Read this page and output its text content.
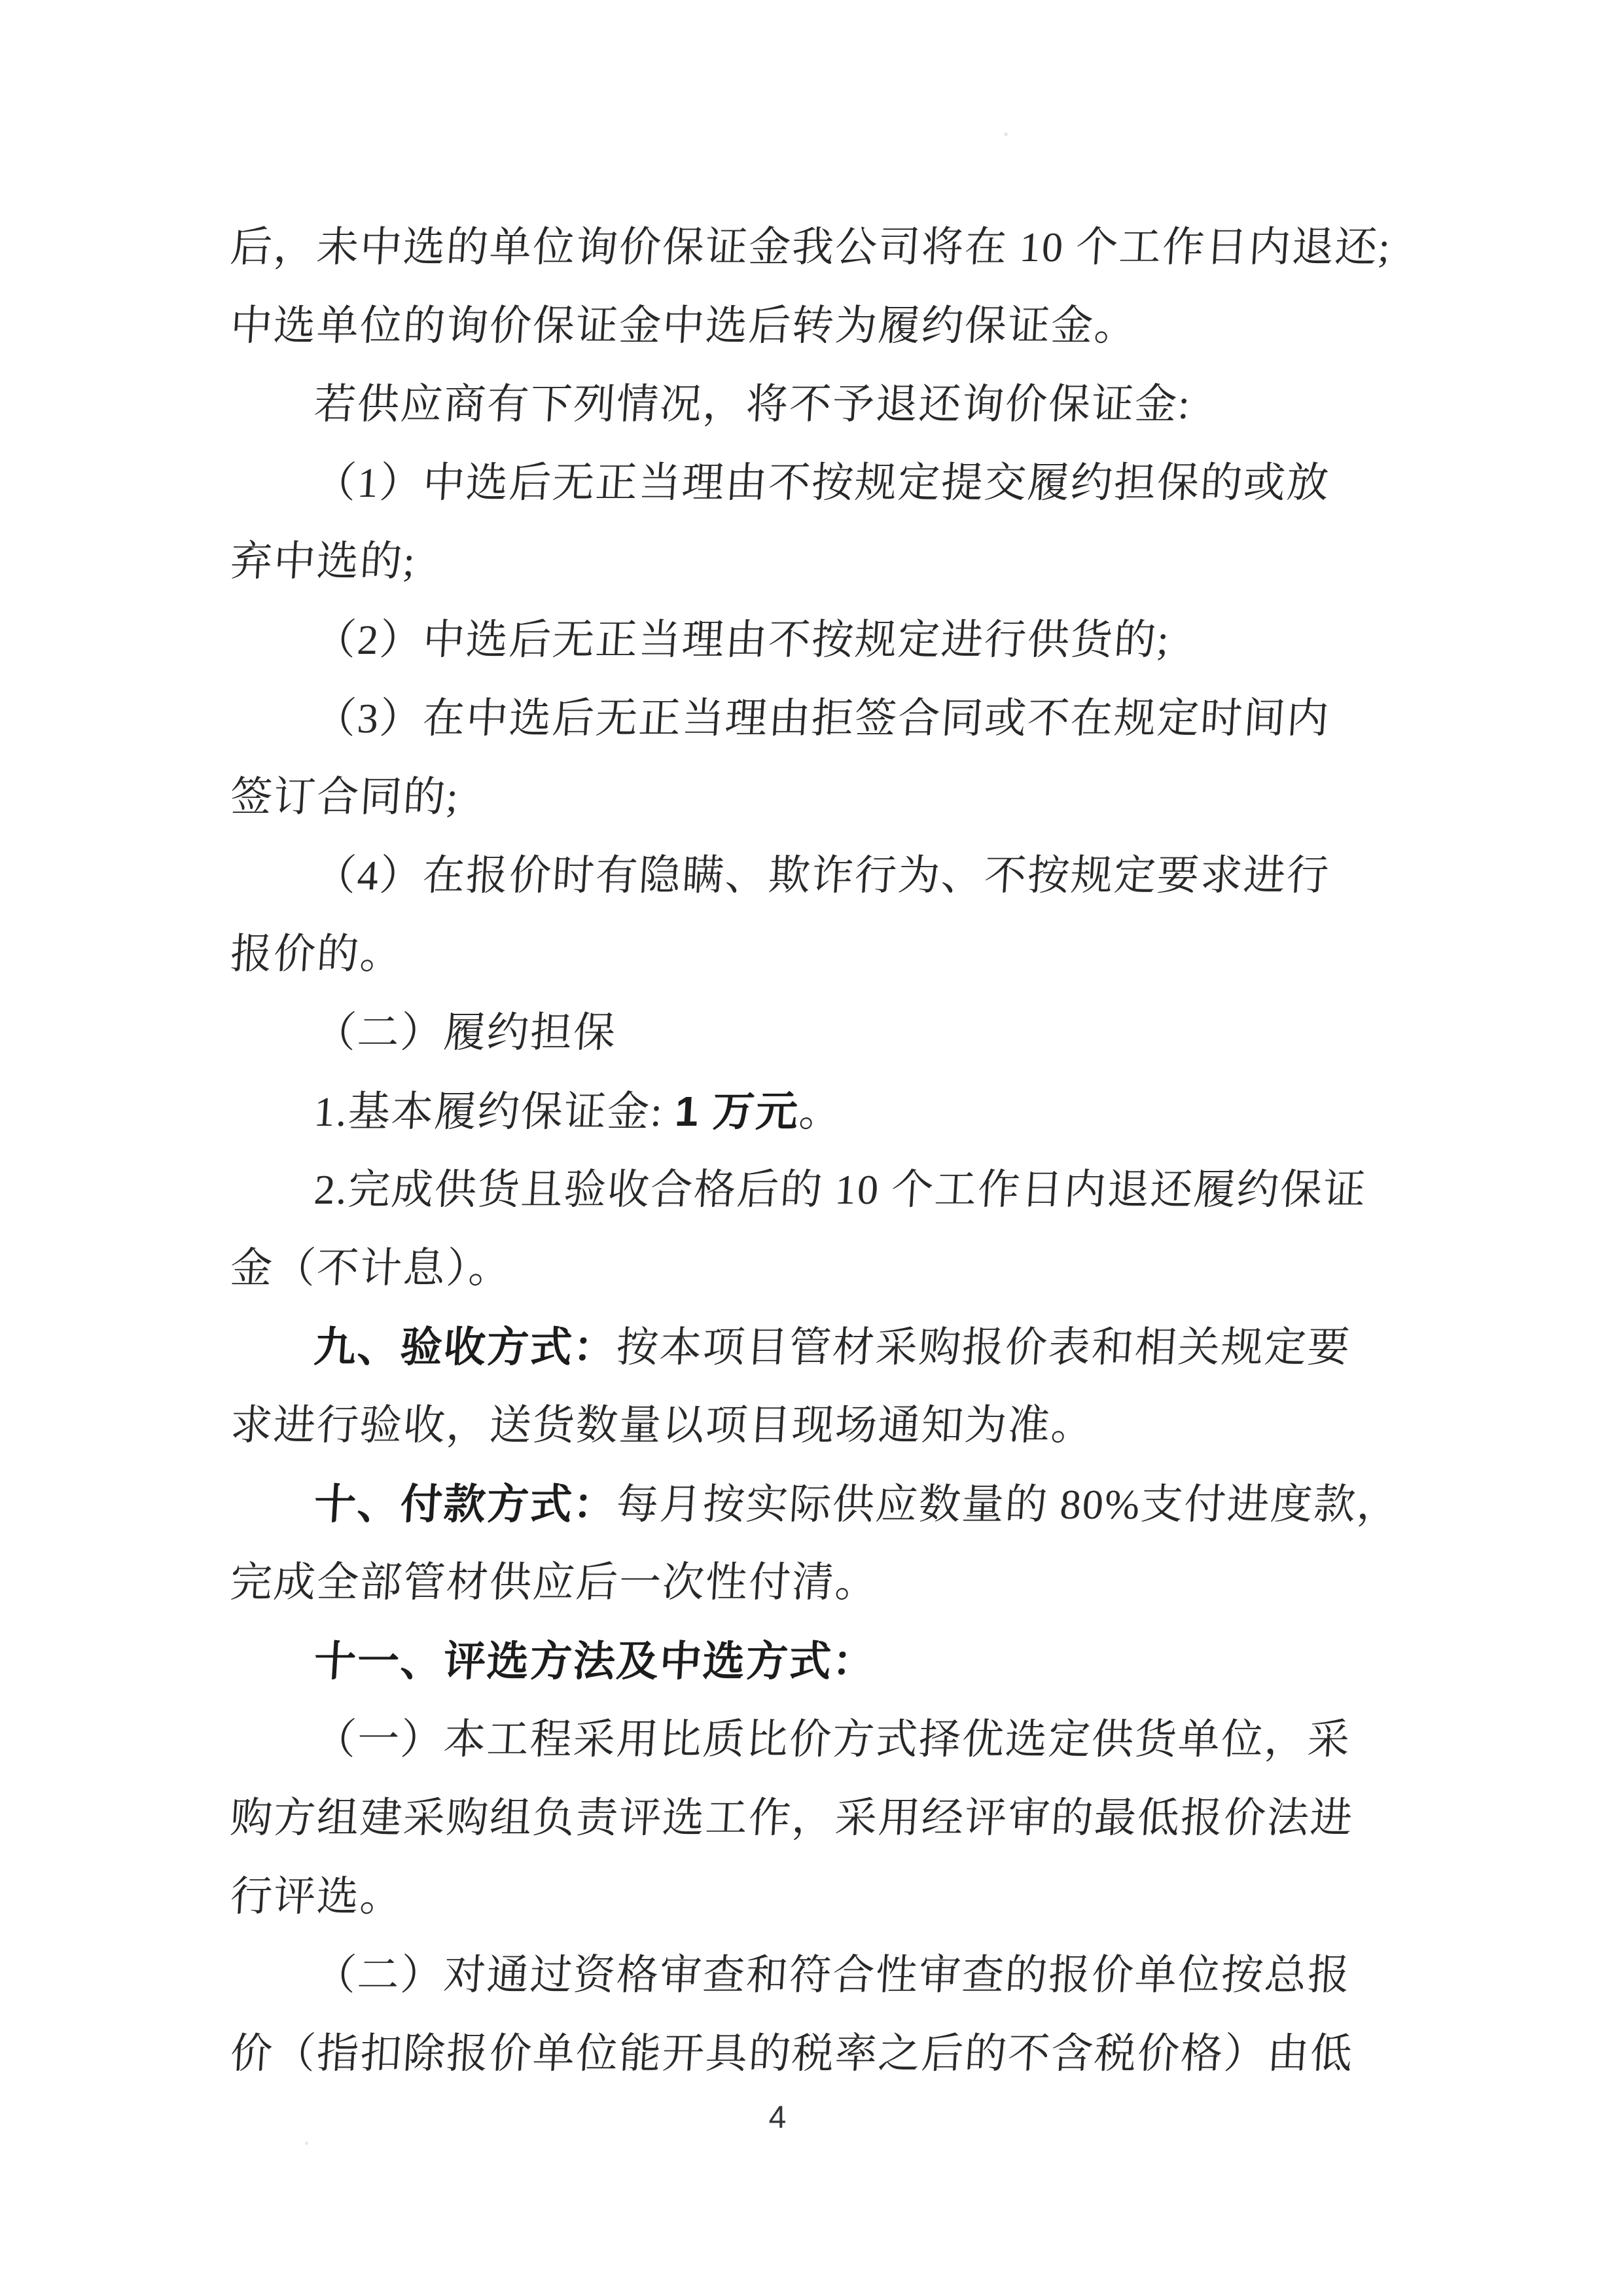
后，未中选的单位询价保证金我公司将在 10 个工作日内退还;
中选单位的询价保证金中选后转为履约保证金。
若供应商有下列情况，将不予退还询价保证金:
（1）中选后无正当理由不按规定提交履约担保的或放
弃中选的;
（2）中选后无正当理由不按规定进行供货的;
（3）在中选后无正当理由拒签合同或不在规定时间内
签订合同的;
（4）在报价时有隐瞒、欺诈行为、不按规定要求进行
报价的。
（二）履约担保
1.基本履约保证金: 1 万元。
2.完成供货且验收合格后的 10 个工作日内退还履约保证
金（不计息）。
九、验收方式：按本项目管材采购报价表和相关规定要
求进行验收，送货数量以项目现场通知为准。
十、付款方式：每月按实际供应数量的 80%支付进度款，
完成全部管材供应后一次性付清。
十一、评选方法及中选方式：
（一）本工程采用比质比价方式择优选定供货单位，采
购方组建采购组负责评选工作，采用经评审的最低报价法进
行评选。
（二）对通过资格审查和符合性审查的报价单位按总报
价（指扣除报价单位能开具的税率之后的不含税价格）由低
4
